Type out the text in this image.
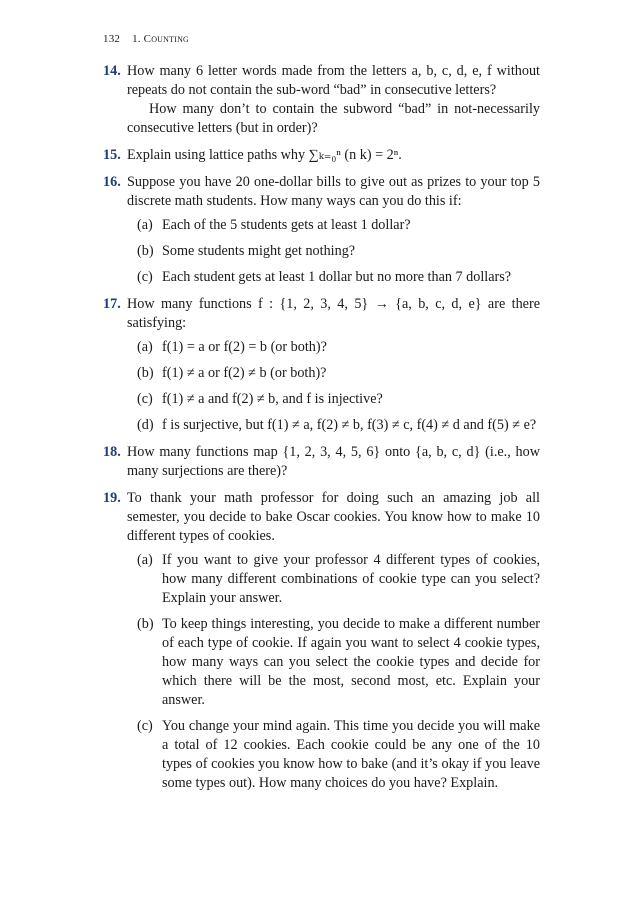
132 1. Counting
14. How many 6 letter words made from the letters a, b, c, d, e, f without repeats do not contain the sub-word “bad” in consecutive letters?

How many don’t to contain the subword “bad” in not-necessarily consecutive letters (but in order)?

15. Explain using lattice paths why ∑ₖ₌₀ⁿ (n k) = 2ⁿ.

16. Suppose you have 20 one-dollar bills to give out as prizes to your top 5 discrete math students. How many ways can you do this if:

(a) Each of the 5 students gets at least 1 dollar?
(b) Some students might get nothing?
(c) Each student gets at least 1 dollar but no more than 7 dollars?
17. How many functions f : {1, 2, 3, 4, 5} → {a, b, c, d, e} are there satisfying:

(a) f(1) = a or f(2) = b (or both)?
(b) f(1) ≠ a or f(2) ≠ b (or both)?
(c) f(1) ≠ a and f(2) ≠ b, and f is injective?
(d) f is surjective, but f(1) ≠ a, f(2) ≠ b, f(3) ≠ c, f(4) ≠ d and f(5) ≠ e?
18. How many functions map {1, 2, 3, 4, 5, 6} onto {a, b, c, d} (i.e., how many surjections are there)?

19. To thank your math professor for doing such an amazing job all semester, you decide to bake Oscar cookies. You know how to make 10 different types of cookies.

(a) If you want to give your professor 4 different types of cookies, how many different combinations of cookie type can you select? Explain your answer.
(b) To keep things interesting, you decide to make a different number of each type of cookie. If again you want to select 4 cookie types, how many ways can you select the cookie types and decide for which there will be the most, second most, etc. Explain your answer.
(c) You change your mind again. This time you decide you will make a total of 12 cookies. Each cookie could be any one of the 10 types of cookies you know how to bake (and it’s okay if you leave some types out). How many choices do you have? Explain.
